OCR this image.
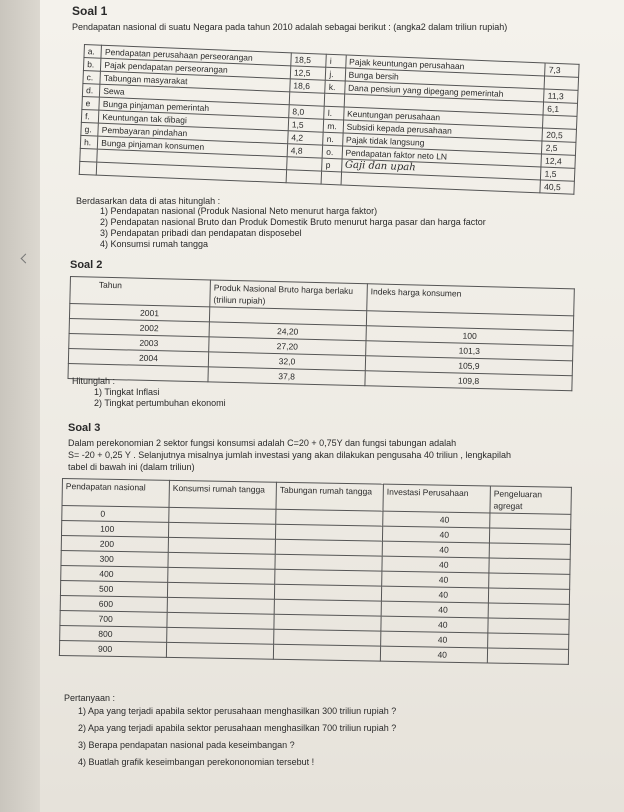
Soal 1
Pendapatan nasional di suatu Negara pada tahun 2010 adalah sebagai berikut : (angka2 dalam triliun rupiah)
a.	Pendapatan perusahaan perseorangan	18,5	i	Pajak keuntungan perusahaan	7,3
b.	Pajak pendapatan perseorangan	12,5	j.	Bunga bersih	
c.	Tabungan masyarakat	18,6	k.	Dana pensiun yang dipegang pemerintah	11,3
d.	Sewa				6,1
e	Bunga pinjaman pemerintah	8,0	l.	Keuntungan perusahaan	
f.	Keuntungan tak dibagi	1,5	m.	Subsidi kepada perusahaan	20,5
g.	Pembayaran pindahan	4,2	n.	Pajak tidak langsung	2,5
h.	Bunga pinjaman konsumen	4,8	o.	Pendapatan faktor neto LN	12,4
			p	Gaji dan upah	1,5
					40,5
Berdasarkan data di atas hitunglah :
1) Pendapatan nasional (Produk Nasional Neto menurut harga faktor)
2) Pendapatan nasional Bruto dan Produk Domestik Bruto menurut harga pasar dan harga factor
3) Pendapatan pribadi dan pendapatan disposebel
4) Konsumsi rumah tangga
Soal 2
Tahun	Produk Nasional Bruto harga berlaku (triliun rupiah)	Indeks harga konsumen
2001		
2002	24,20	100
2003	27,20	101,3
2004	32,0	105,9
	37,8	109,8
Hitunglah :
1) Tingkat Inflasi
2) Tingkat pertumbuhan ekonomi
Soal 3
Dalam perekonomian 2 sektor fungsi konsumsi adalah C=20 + 0,75Y dan fungsi tabungan adalah
S= -20 + 0,25 Y . Selanjutnya misalnya jumlah investasi yang akan dilakukan pengusaha 40 triliun , lengkapilah
tabel di bawah ini (dalam triliun)
Pendapatan nasional	Konsumsi rumah tangga	Tabungan rumah tangga	Investasi Perusahaan	Pengeluaran agregat
0			40	
100			40	
200			40	
300			40	
400			40	
500			40	
600			40	
700			40	
800			40	
900			40	
Pertanyaan :
1) Apa yang terjadi apabila sektor perusahaan menghasilkan 300 triliun rupiah ?
2) Apa yang terjadi apabila sektor perusahaan menghasilkan 700 triliun rupiah ?
3) Berapa pendapatan nasional pada keseimbangan ?
4) Buatlah grafik keseimbangan perekononomian tersebut !
